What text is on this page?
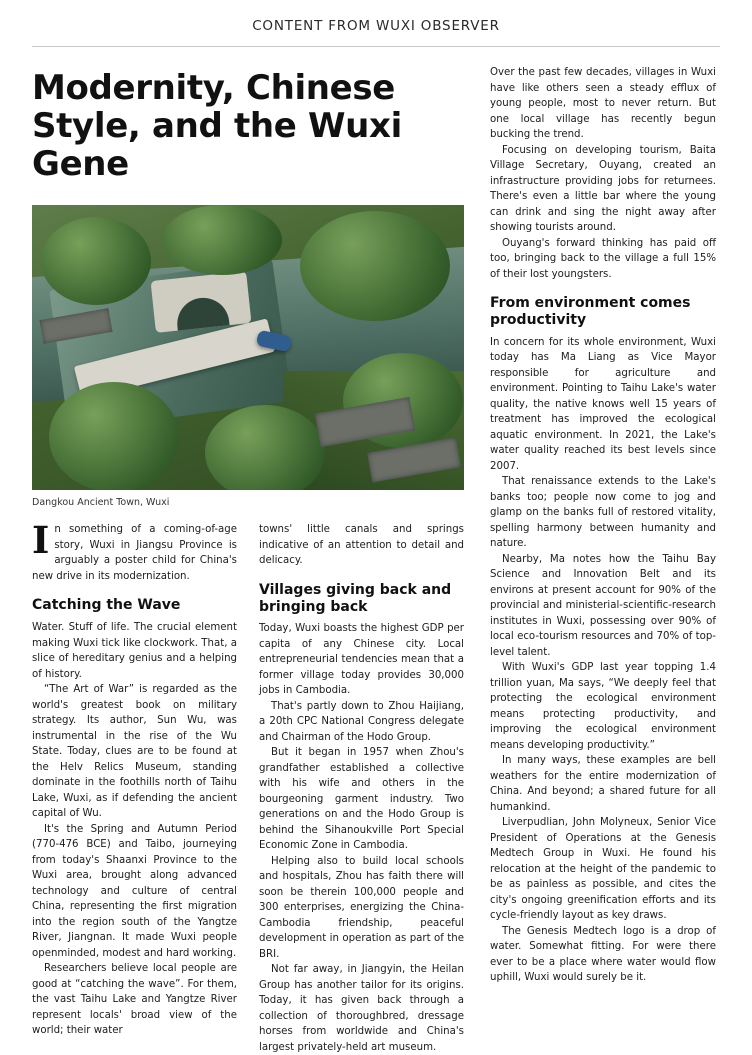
CONTENT FROM WUXI OBSERVER
Modernity, Chinese Style, and the Wuxi Gene
Dangkou Ancient Town, Wuxi

In something of a coming-of-age story, Wuxi in Jiangsu Province is arguably a poster child for China's new drive in its modernization.

Catching the Wave

Water. Stuff of life. The crucial element making Wuxi tick like clockwork. That, a slice of hereditary genius and a helping of history.

“The Art of War” is regarded as the world's greatest book on military strategy. Its author, Sun Wu, was instrumental in the rise of the Wu State. Today, clues are to be found at the Helv Relics Museum, standing dominate in the foothills north of Taihu Lake, Wuxi, as if defending the ancient capital of Wu.

It's the Spring and Autumn Period (770-476 BCE) and Taibo, journeying from today's Shaanxi Province to the Wuxi area, brought along advanced technology and culture of central China, representing the first migration into the region south of the Yangtze River, Jiangnan. It made Wuxi people openminded, modest and hard working.

Researchers believe local people are good at “catching the wave”. For them, the vast Taihu Lake and Yangtze River represent locals' broad view of the world; their water

towns' little canals and springs indicative of an attention to detail and delicacy.

Villages giving back and bringing back

Today, Wuxi boasts the highest GDP per capita of any Chinese city. Local entrepreneurial tendencies mean that a former village today provides 30,000 jobs in Cambodia.

That's partly down to Zhou Haijiang, a 20th CPC National Congress delegate and Chairman of the Hodo Group.

But it began in 1957 when Zhou's grandfather established a collective with his wife and others in the bourgeoning garment industry. Two generations on and the Hodo Group is behind the Sihanoukville Port Special Economic Zone in Cambodia.

Helping also to build local schools and hospitals, Zhou has faith there will soon be therein 100,000 people and 300 enterprises, energizing the China-Cambodia friendship, peaceful development in operation as part of the BRI.

Not far away, in Jiangyin, the Heilan Group has another tailor for its origins. Today, it has given back through a collection of thoroughbred, dressage horses from worldwide and China's largest privately-held art museum.

Over the past few decades, villages in Wuxi have like others seen a steady efflux of young people, most to never return. But one local village has recently begun bucking the trend.

Focusing on developing tourism, Baita Village Secretary, Ouyang, created an infrastructure providing jobs for returnees. There's even a little bar where the young can drink and sing the night away after showing tourists around.

Ouyang's forward thinking has paid off too, bringing back to the village a full 15% of their lost youngsters.

From environment comes productivity

In concern for its whole environment, Wuxi today has Ma Liang as Vice Mayor responsible for agriculture and environment. Pointing to Taihu Lake's water quality, the native knows well 15 years of treatment has improved the ecological aquatic environment. In 2021, the Lake's water quality reached its best levels since 2007.

That renaissance extends to the Lake's banks too; people now come to jog and glamp on the banks full of restored vitality, spelling harmony between humanity and nature.

Nearby, Ma notes how the Taihu Bay Science and Innovation Belt and its environs at present account for 90% of the provincial and ministerial-scientific-research institutes in Wuxi, possessing over 90% of local eco-tourism resources and 70% of top-level talent.

With Wuxi's GDP last year topping 1.4 trillion yuan, Ma says, “We deeply feel that protecting the ecological environment means protecting productivity, and improving the ecological environment means developing productivity.”

In many ways, these examples are bell weathers for the entire modernization of China. And beyond; a shared future for all humankind.

Liverpudlian, John Molyneux, Senior Vice President of Operations at the Genesis Medtech Group in Wuxi. He found his relocation at the height of the pandemic to be as painless as possible, and cites the city's ongoing greenification efforts and its cycle-friendly layout as key draws.

The Genesis Medtech logo is a drop of water. Somewhat fitting. For were there ever to be a place where water would flow uphill, Wuxi would surely be it.
